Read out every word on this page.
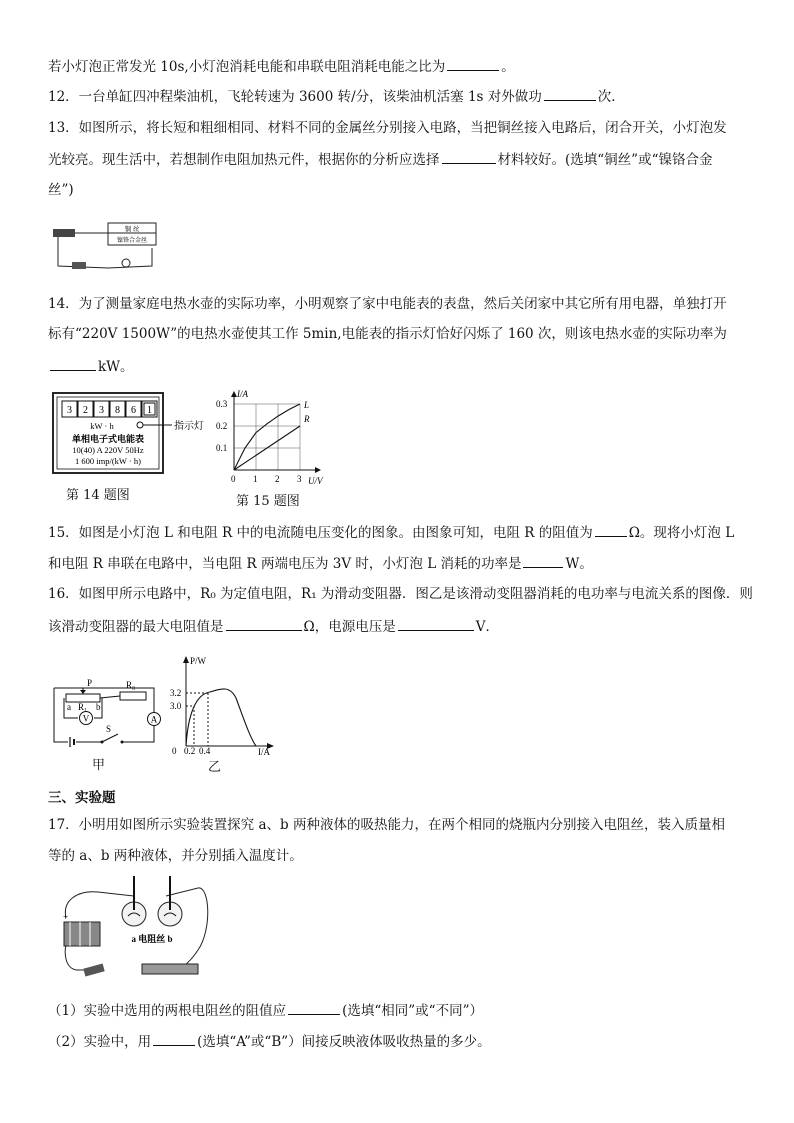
若小灯泡正常发光 10s,小灯泡消耗电能和串联电阻消耗电能之比为	。
12．一台单缸四冲程柴油机，飞轮转速为 3600 转/分，该柴油机活塞 1s 对外做功	次．
13．如图所示，将长短和粗细相同、材料不同的金属丝分别接入电路，当把铜丝接入电路后，闭合开关，小灯泡发
光较亮。现生活中，若想制作电阻加热元件，根据你的分析应选择	材料较好。(选填“铜丝”或“镍铬合金
丝”)
铜 丝
镍铬合金丝
14．为了测量家庭电热水壶的实际功率，小明观察了家中电能表的表盘，然后关闭家中其它所有用电器，单独打开
标有“220V 1500W”的电热水壶使其工作 5min,电能表的指示灯恰好闪烁了 160 次，则该电热水壶的实际功率为
kW。
3 2 3 8 6 1
指示灯
kW · h
单相电子式电能表
10(40) A 220V 50Hz
1 600 imp/(kW · h)
第 14 题图
I/A
U/V
0.3
0.2
0.1
0 1 2 3
L
R
第 15 题图
15．如图是小灯泡 L 和电阻 R 中的电流随电压变化的图象。由图象可知，电阻 R 的阻值为	Ω。现将小灯泡 L
和电阻 R 串联在电路中，当电阻 R 两端电压为 3V 时，小灯泡 L 消耗的功率是	W。
16．如图甲所示电路中，R₀ 为定值电阻，R₁ 为滑动变阻器．图乙是该滑动变阻器消耗的电功率与电流关系的图像．则
该滑动变阻器的最大电阻值是	Ω，电源电压是	V．
P	R₀
a R₁ b
V	A
S
甲
P/W
I/A
0
3.2
3.0
0.2 0.4
乙
三、实验题
17．小明用如图所示实验装置探究 a、b 两种液体的吸热能力，在两个相同的烧瓶内分别接入电阻丝，装入质量相
等的 a、b 两种液体，并分别插入温度计。
+
a 电阻丝 b
（1）实验中选用的两根电阻丝的阻值应	(选填“相同”或“不同”）
（2）实验中，用	(选填“A”或“B”）间接反映液体吸收热量的多少。
